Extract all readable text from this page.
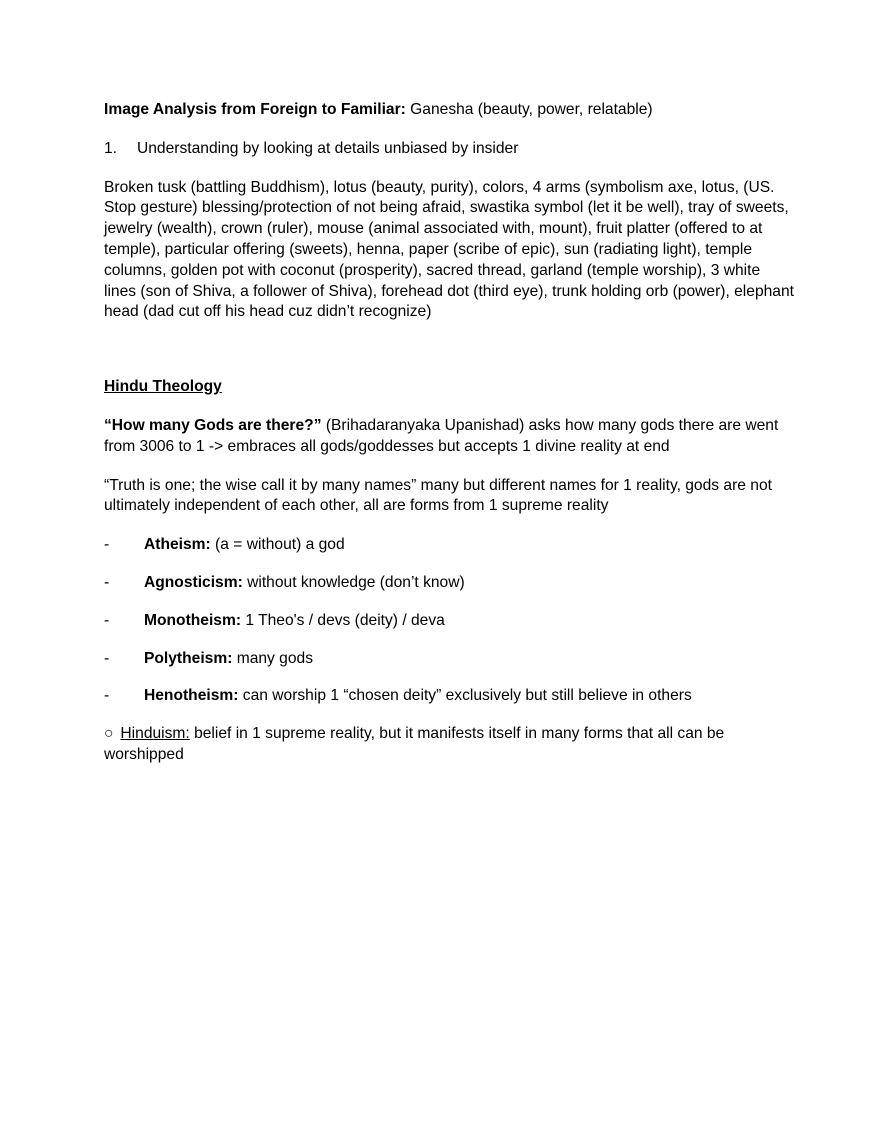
Image Analysis from Foreign to Familiar: Ganesha (beauty, power, relatable)

1.	Understanding by looking at details unbiased by insider

Broken tusk (battling Buddhism), lotus (beauty, purity), colors, 4 arms (symbolism axe, lotus, (US. Stop gesture) blessing/protection of not being afraid, swastika symbol (let it be well), tray of sweets, jewelry (wealth), crown (ruler), mouse (animal associated with, mount), fruit platter (offered to at temple), particular offering (sweets), henna, paper (scribe of epic), sun (radiating light), temple columns, golden pot with coconut (prosperity), sacred thread, garland (temple worship), 3 white lines (son of Shiva, a follower of Shiva), forehead dot (third eye), trunk holding orb (power), elephant head (dad cut off his head cuz didn’t recognize)

Hindu Theology

“How many Gods are there?” (Brihadaranyaka Upanishad) asks how many gods there are went from 3006 to 1 -> embraces all gods/goddesses but accepts 1 divine reality at end

“Truth is one; the wise call it by many names” many but different names for 1 reality, gods are not ultimately independent of each other, all are forms from 1 supreme reality

-	Atheism: (a = without) a god
-	Agnosticism: without knowledge (don’t know)
-	Monotheism: 1 Theo's / devs (deity) / deva
-	Polytheism: many gods
-	Henotheism: can worship 1 “chosen deity” exclusively but still believe in others

○ Hinduism: belief in 1 supreme reality, but it manifests itself in many forms that all can be worshipped
